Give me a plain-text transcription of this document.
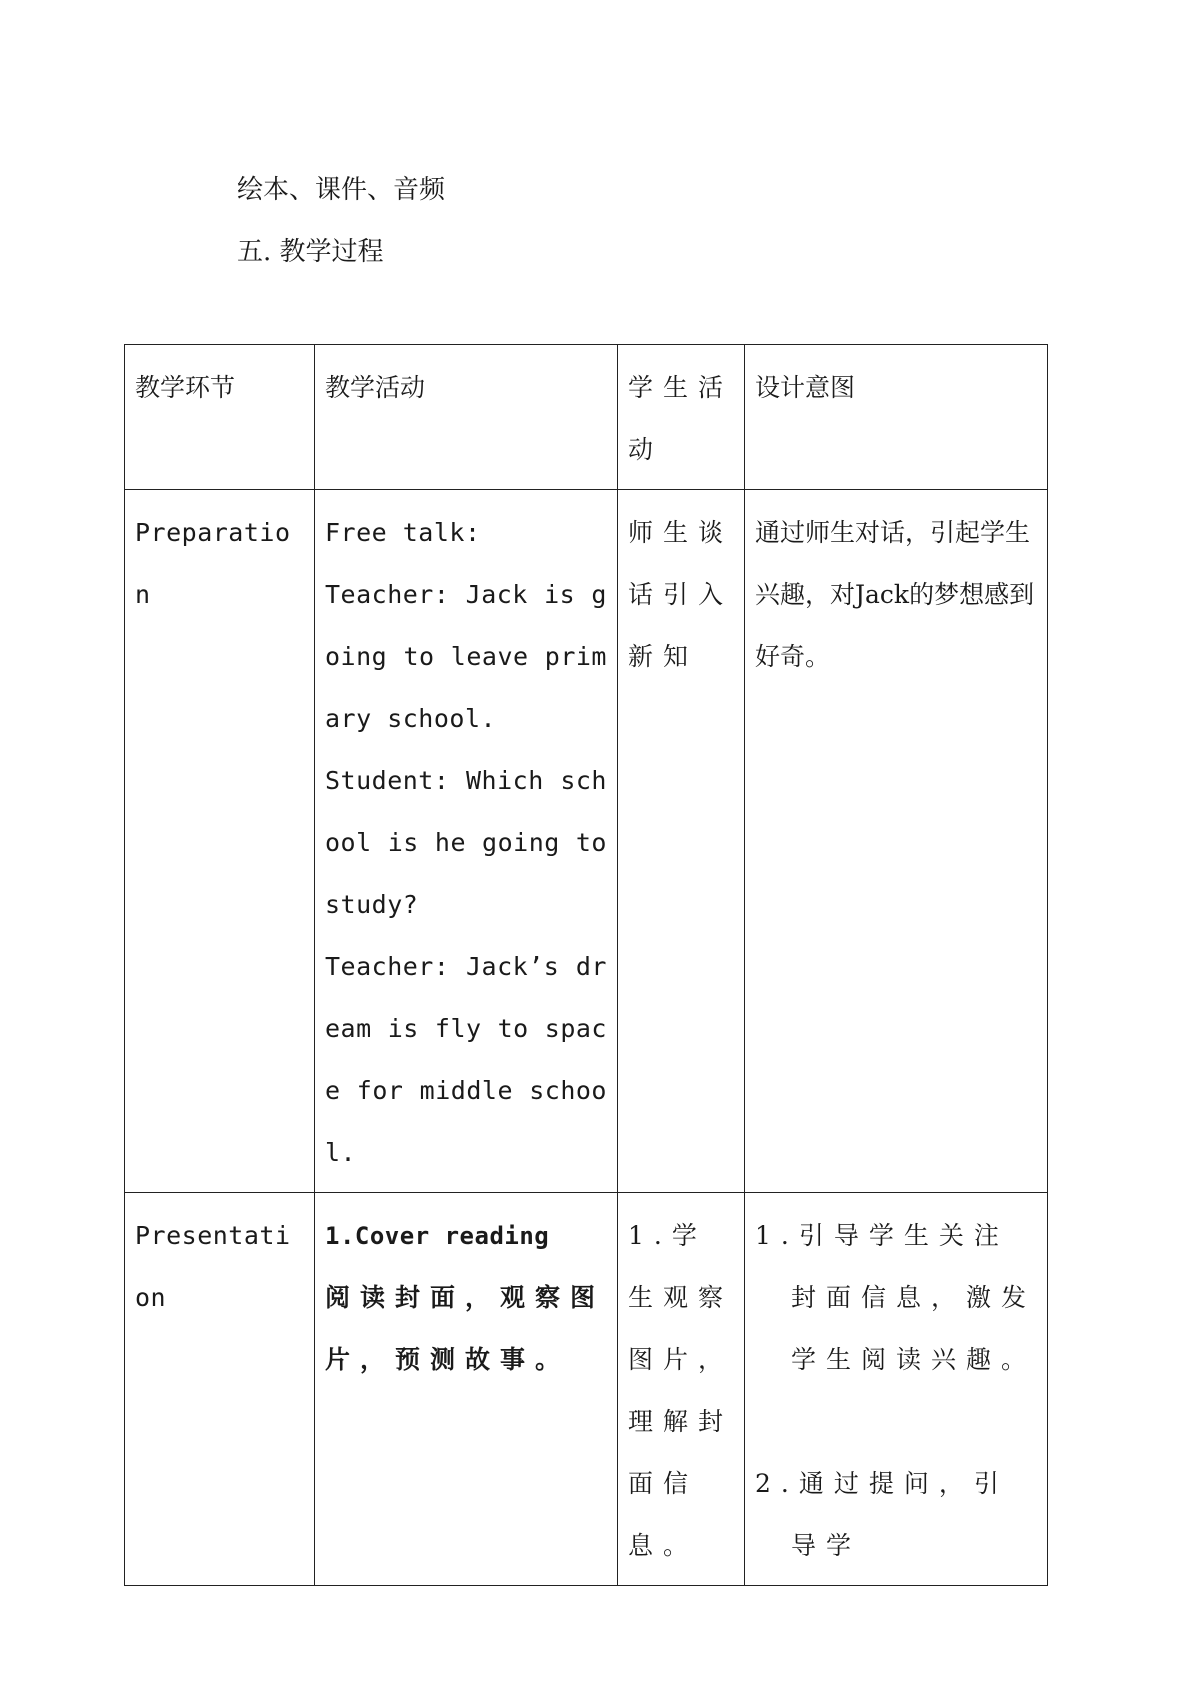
绘本、课件、音频
五. 教学过程
教学环节	教学活动	学生活动	设计意图
Preparation	Free talk:
Teacher: Jack is going to leave primary school.
Student: Which school is he going to study?
Teacher: Jack’s dream is fly to space for middle school.	师生谈话引入新知	通过师生对话，引起学生兴趣，对Jack的梦想感到好奇。
Presentation	1.Cover reading
阅读封面，观察图片，预测故事。	1.学生观察图片，理解封面信息。	1.引导学生关注封面信息，激发学生阅读兴趣。
2.通过提问，引导学
